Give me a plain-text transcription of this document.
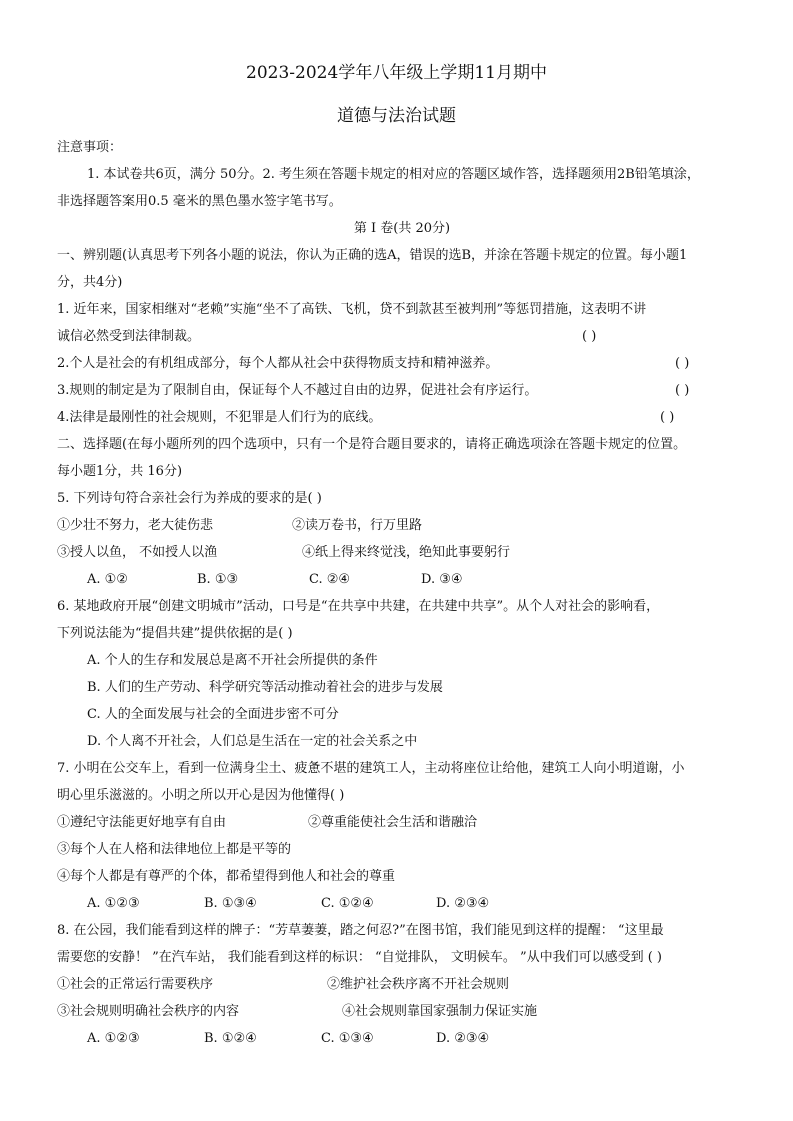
2023-2024学年八年级上学期11月期中
道德与法治试题
注意事项：
1. 本试卷共6页，满分 50分。2. 考生须在答题卡规定的相对应的答题区域作答，选择题须用2B铅笔填涂，
非选择题答案用0.5 毫米的黑色墨水签字笔书写。
第 Ⅰ 卷(共 20分)
一、辨别题(认真思考下列各小题的说法，你认为正确的选A，错误的选B，并涂在答题卡规定的位置。每小题1
分，共4分)
1. 近年来，国家相继对“老赖”实施“坐不了高铁、飞机，贷不到款甚至被判刑”等惩罚措施，这表明不讲
诚信必然受到法律制裁。	( )
2.个人是社会的有机组成部分，每个人都从社会中获得物质支持和精神滋养。	( )
3.规则的制定是为了限制自由，保证每个人不越过自由的边界，促进社会有序运行。	( )
4.法律是最刚性的社会规则，不犯罪是人们行为的底线。	( )
二、选择题(在每小题所列的四个选项中，只有一个是符合题目要求的，请将正确选项涂在答题卡规定的位置。
每小题1分，共 16分)
5. 下列诗句符合亲社会行为养成的要求的是( )
①少壮不努力，老大徒伤悲	②读万卷书，行万里路
③授人以鱼， 不如授人以渔	④纸上得来终觉浅，绝知此事要躬行
A. ①②	B. ①③	C. ②④	D. ③④
6. 某地政府开展“创建文明城市”活动，口号是“在共享中共建，在共建中共享”。从个人对社会的影响看，
下列说法能为“提倡共建”提供依据的是( )
A. 个人的生存和发展总是离不开社会所提供的条件
B. 人们的生产劳动、科学研究等活动推动着社会的进步与发展
C. 人的全面发展与社会的全面进步密不可分
D. 个人离不开社会，人们总是生活在一定的社会关系之中
7. 小明在公交车上，看到一位满身尘土、疲惫不堪的建筑工人，主动将座位让给他，建筑工人向小明道谢，小
明心里乐滋滋的。小明之所以开心是因为他懂得( )
①遵纪守法能更好地享有自由	②尊重能使社会生活和谐融洽
③每个人在人格和法律地位上都是平等的
④每个人都是有尊严的个体，都希望得到他人和社会的尊重
A. ①②③	B. ①③④	C. ①②④	D. ②③④
8. 在公园，我们能看到这样的牌子：“芳草萋萋，踏之何忍?”在图书馆，我们能见到这样的提醒： “这里最
需要您的安静！ ”在汽车站， 我们能看到这样的标识： “自觉排队， 文明候车。 ”从中我们可以感受到 ( )
①社会的正常运行需要秩序	②维护社会秩序离不开社会规则
③社会规则明确社会秩序的内容	④社会规则靠国家强制力保证实施
A. ①②③	B. ①②④	C. ①③④	D. ②③④
